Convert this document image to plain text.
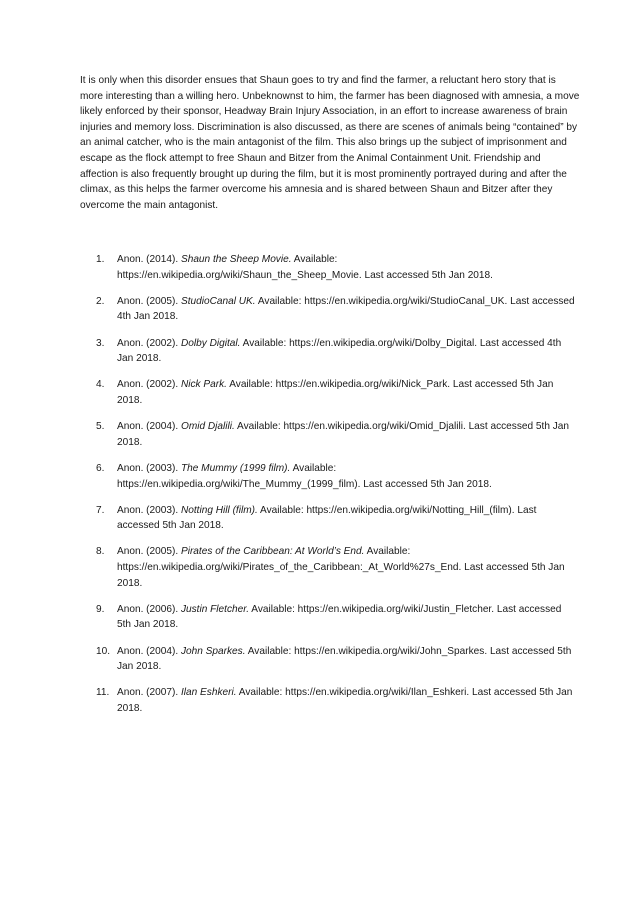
It is only when this disorder ensues that Shaun goes to try and find the farmer, a reluctant hero story that is more interesting than a willing hero. Unbeknownst to him, the farmer has been diagnosed with amnesia, a move likely enforced by their sponsor, Headway Brain Injury Association, in an effort to increase awareness of brain injuries and memory loss. Discrimination is also discussed, as there are scenes of animals being “contained” by an animal catcher, who is the main antagonist of the film. This also brings up the subject of imprisonment and escape as the flock attempt to free Shaun and Bitzer from the Animal Containment Unit. Friendship and affection is also frequently brought up during the film, but it is most prominently portrayed during and after the climax, as this helps the farmer overcome his amnesia and is shared between Shaun and Bitzer after they overcome the main antagonist.

1. Anon. (2014). Shaun the Sheep Movie. Available: https://en.wikipedia.org/wiki/Shaun_the_Sheep_Movie. Last accessed 5th Jan 2018.
2. Anon. (2005). StudioCanal UK. Available: https://en.wikipedia.org/wiki/StudioCanal_UK. Last accessed 4th Jan 2018.
3. Anon. (2002). Dolby Digital. Available: https://en.wikipedia.org/wiki/Dolby_Digital. Last accessed 4th Jan 2018.
4. Anon. (2002). Nick Park. Available: https://en.wikipedia.org/wiki/Nick_Park. Last accessed 5th Jan 2018.
5. Anon. (2004). Omid Djalili. Available: https://en.wikipedia.org/wiki/Omid_Djalili. Last accessed 5th Jan 2018.
6. Anon. (2003). The Mummy (1999 film). Available: https://en.wikipedia.org/wiki/The_Mummy_(1999_film). Last accessed 5th Jan 2018.
7. Anon. (2003). Notting Hill (film). Available: https://en.wikipedia.org/wiki/Notting_Hill_(film). Last accessed 5th Jan 2018.
8. Anon. (2005). Pirates of the Caribbean: At World’s End. Available: https://en.wikipedia.org/wiki/Pirates_of_the_Caribbean:_At_World%27s_End. Last accessed 5th Jan 2018.
9. Anon. (2006). Justin Fletcher. Available: https://en.wikipedia.org/wiki/Justin_Fletcher. Last accessed 5th Jan 2018.
10. Anon. (2004). John Sparkes. Available: https://en.wikipedia.org/wiki/John_Sparkes. Last accessed 5th Jan 2018.
11. Anon. (2007). Ilan Eshkeri. Available: https://en.wikipedia.org/wiki/Ilan_Eshkeri. Last accessed 5th Jan 2018.
